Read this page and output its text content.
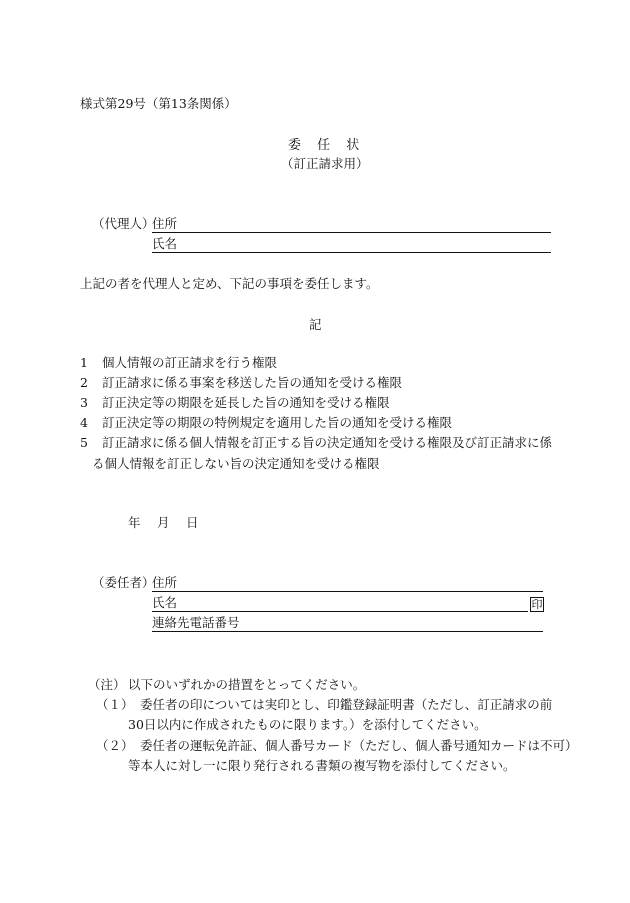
様式第29号（第13条関係）
委 任 状
（訂正請求用）
（代理人）
住所
氏名
上記の者を代理人と定め、下記の事項を委任します。
記
1 個人情報の訂正請求を行う権限
2 訂正請求に係る事案を移送した旨の通知を受ける権限
3 訂正決定等の期限を延長した旨の通知を受ける権限
4 訂正決定等の期限の特例規定を適用した旨の通知を受ける権限
5 訂正請求に係る個人情報を訂正する旨の決定通知を受ける権限及び訂正請求に係
る個人情報を訂正しない旨の決定通知を受ける権限
年　月　日
（委任者）
住所
氏名	印
連絡先電話番号
（注） 以下のいずれかの措置をとってください。
（１） 委任者の印については実印とし、印鑑登録証明書（ただし、訂正請求の前
30日以内に作成されたものに限ります。）を添付してください。
（２） 委任者の運転免許証、個人番号カード（ただし、個人番号通知カードは不可）
等本人に対し一に限り発行される書類の複写物を添付してください。
